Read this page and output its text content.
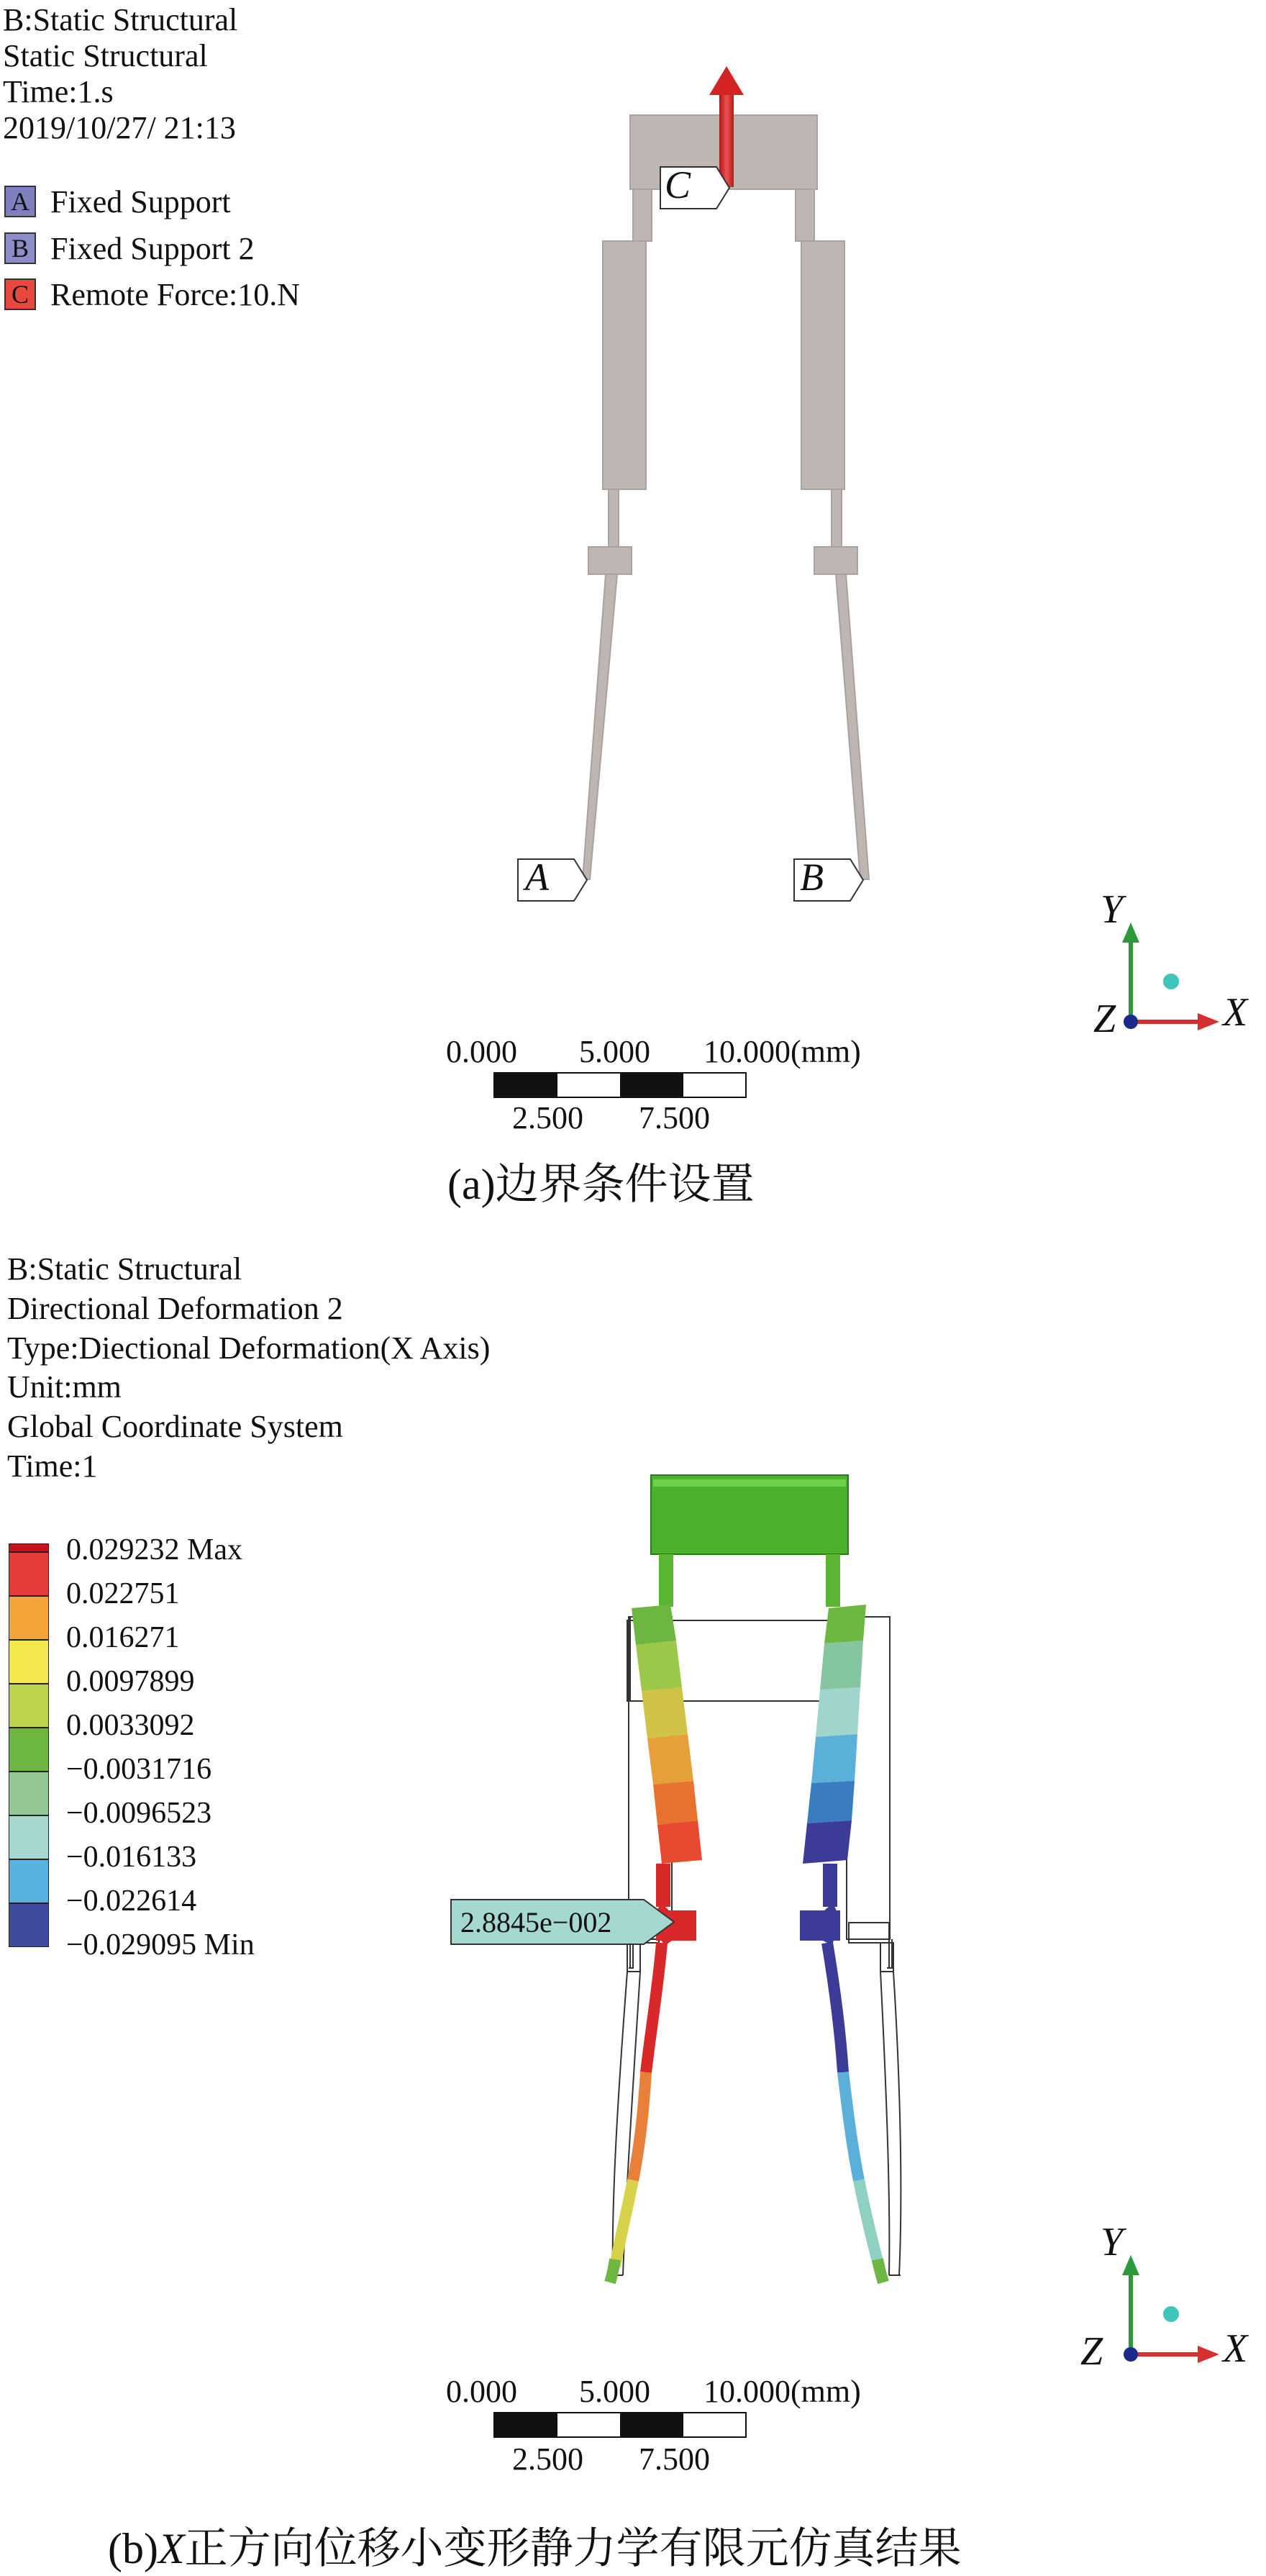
B:Static Structural
Static Structural
Time:1.s
2019/10/27/ 21:13
A Fixed Support
B Fixed Support 2
C Remote Force:10.N
C
A	B
Y
Z	X
0.000 5.000 10.000(mm)
2.500 7.500
(a)边界条件设置
B:Static Structural
Directional Deformation 2
Type:Diectional Deformation(X Axis)
Unit:mm
Global Coordinate System
Time:1
0.029232 Max
0.022751
0.016271
0.0097899
0.0033092
−0.0031716
−0.0096523
−0.016133
−0.022614
−0.029095 Min
2.8845e−002
Y
Z	X
0.000 5.000 10.000(mm)
2.500 7.500
(b)X正方向位移小变形静力学有限元仿真结果
